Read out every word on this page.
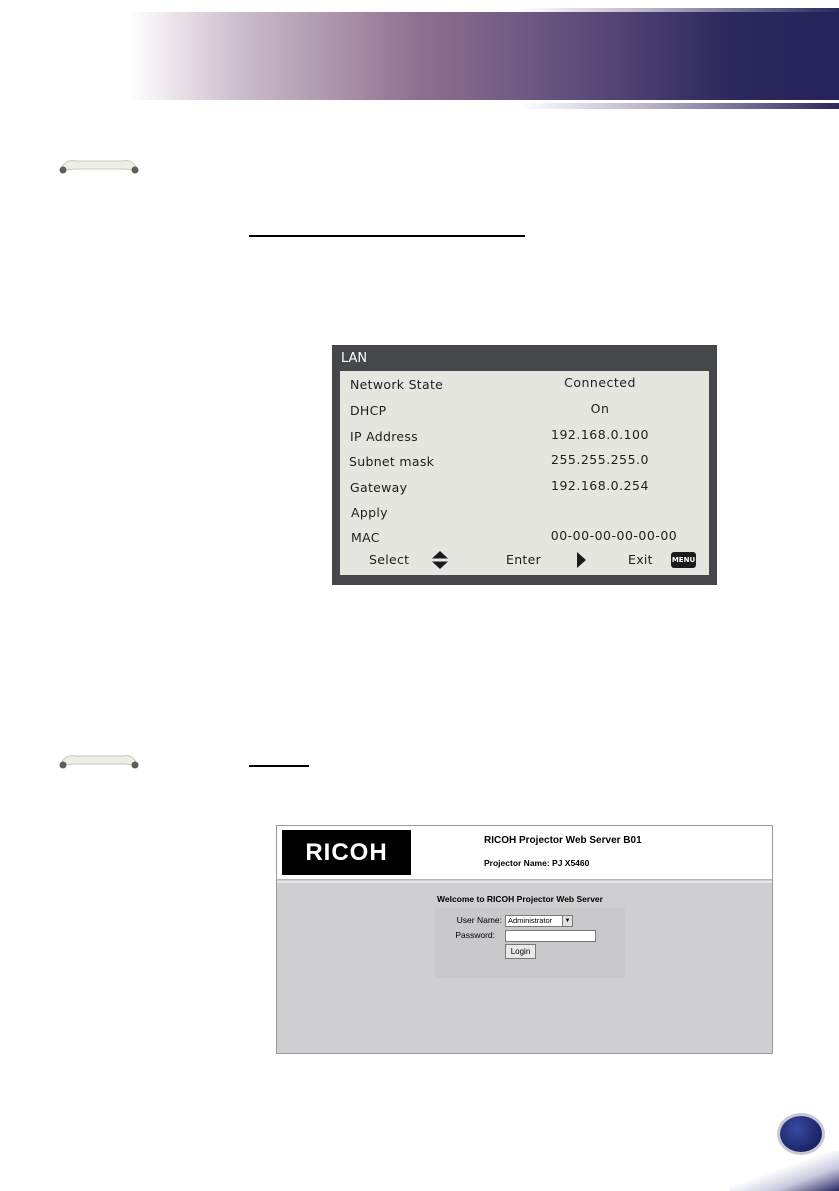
LAN
Network State	Connected
DHCP	On
IP Address	192.168.0.100
Subnet mask	255.255.255.0
Gateway	192.168.0.254
Apply
MAC	00-00-00-00-00-00
Select	Enter	Exit	MENU
RICOH	RICOH Projector Web Server B01
Projector Name: PJ X5460
Welcome to RICOH Projector Web Server
User Name: Administrator	▼
Password:
Login
